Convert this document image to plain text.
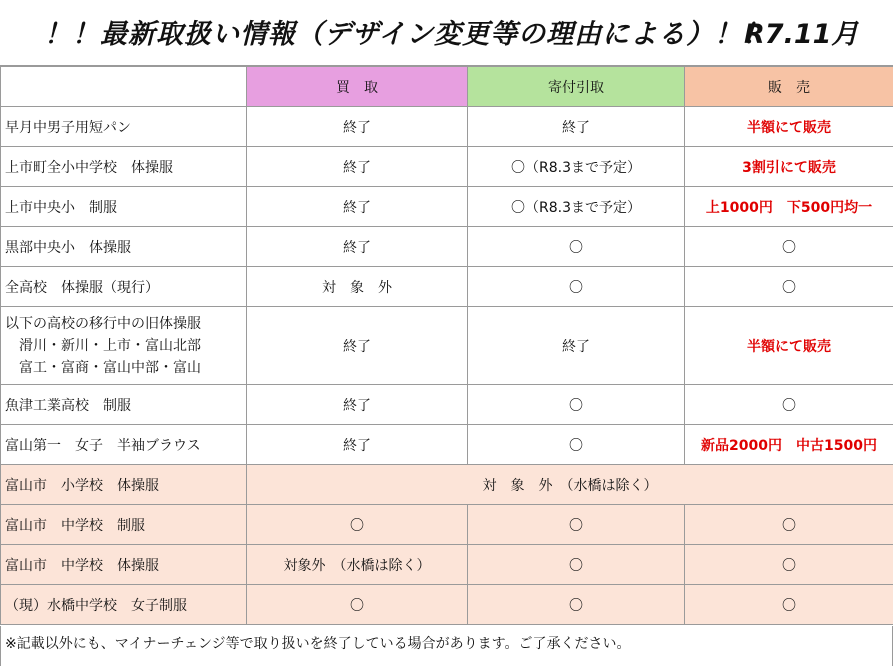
！！最新取扱い情報（デザイン変更等の理由による）！！
R7.11月
	買　取	寄付引取	販　売
早月中男子用短パン	終了	終了	半額にて販売
上市町全小中学校　体操服	終了	〇（R8.3まで予定）	3割引にて販売
上市中央小　制服	終了	〇（R8.3まで予定）	上1000円　下500円均一
黒部中央小　体操服	終了	〇	〇
全高校　体操服（現行）	対　象　外	〇	〇

以下の高校の移行中の旧体操服
滑川・新川・上市・富山北部
富工・富商・富山中部・富山	終了	終了	半額にて販売
魚津工業高校　制服	終了	〇	〇
富山第一　女子　半袖ブラウス	終了	〇	新品2000円　中古1500円
富山市　小学校　体操服	対　象　外　（水橋は除く）		
富山市　中学校　制服	〇	〇	〇
富山市　中学校　体操服	対象外　（水橋は除く）	〇	〇
（現）水橋中学校　女子制服	〇	〇	〇
※記載以外にも、マイナーチェンジ等で取り扱いを終了している場合があります。ご了承ください。
